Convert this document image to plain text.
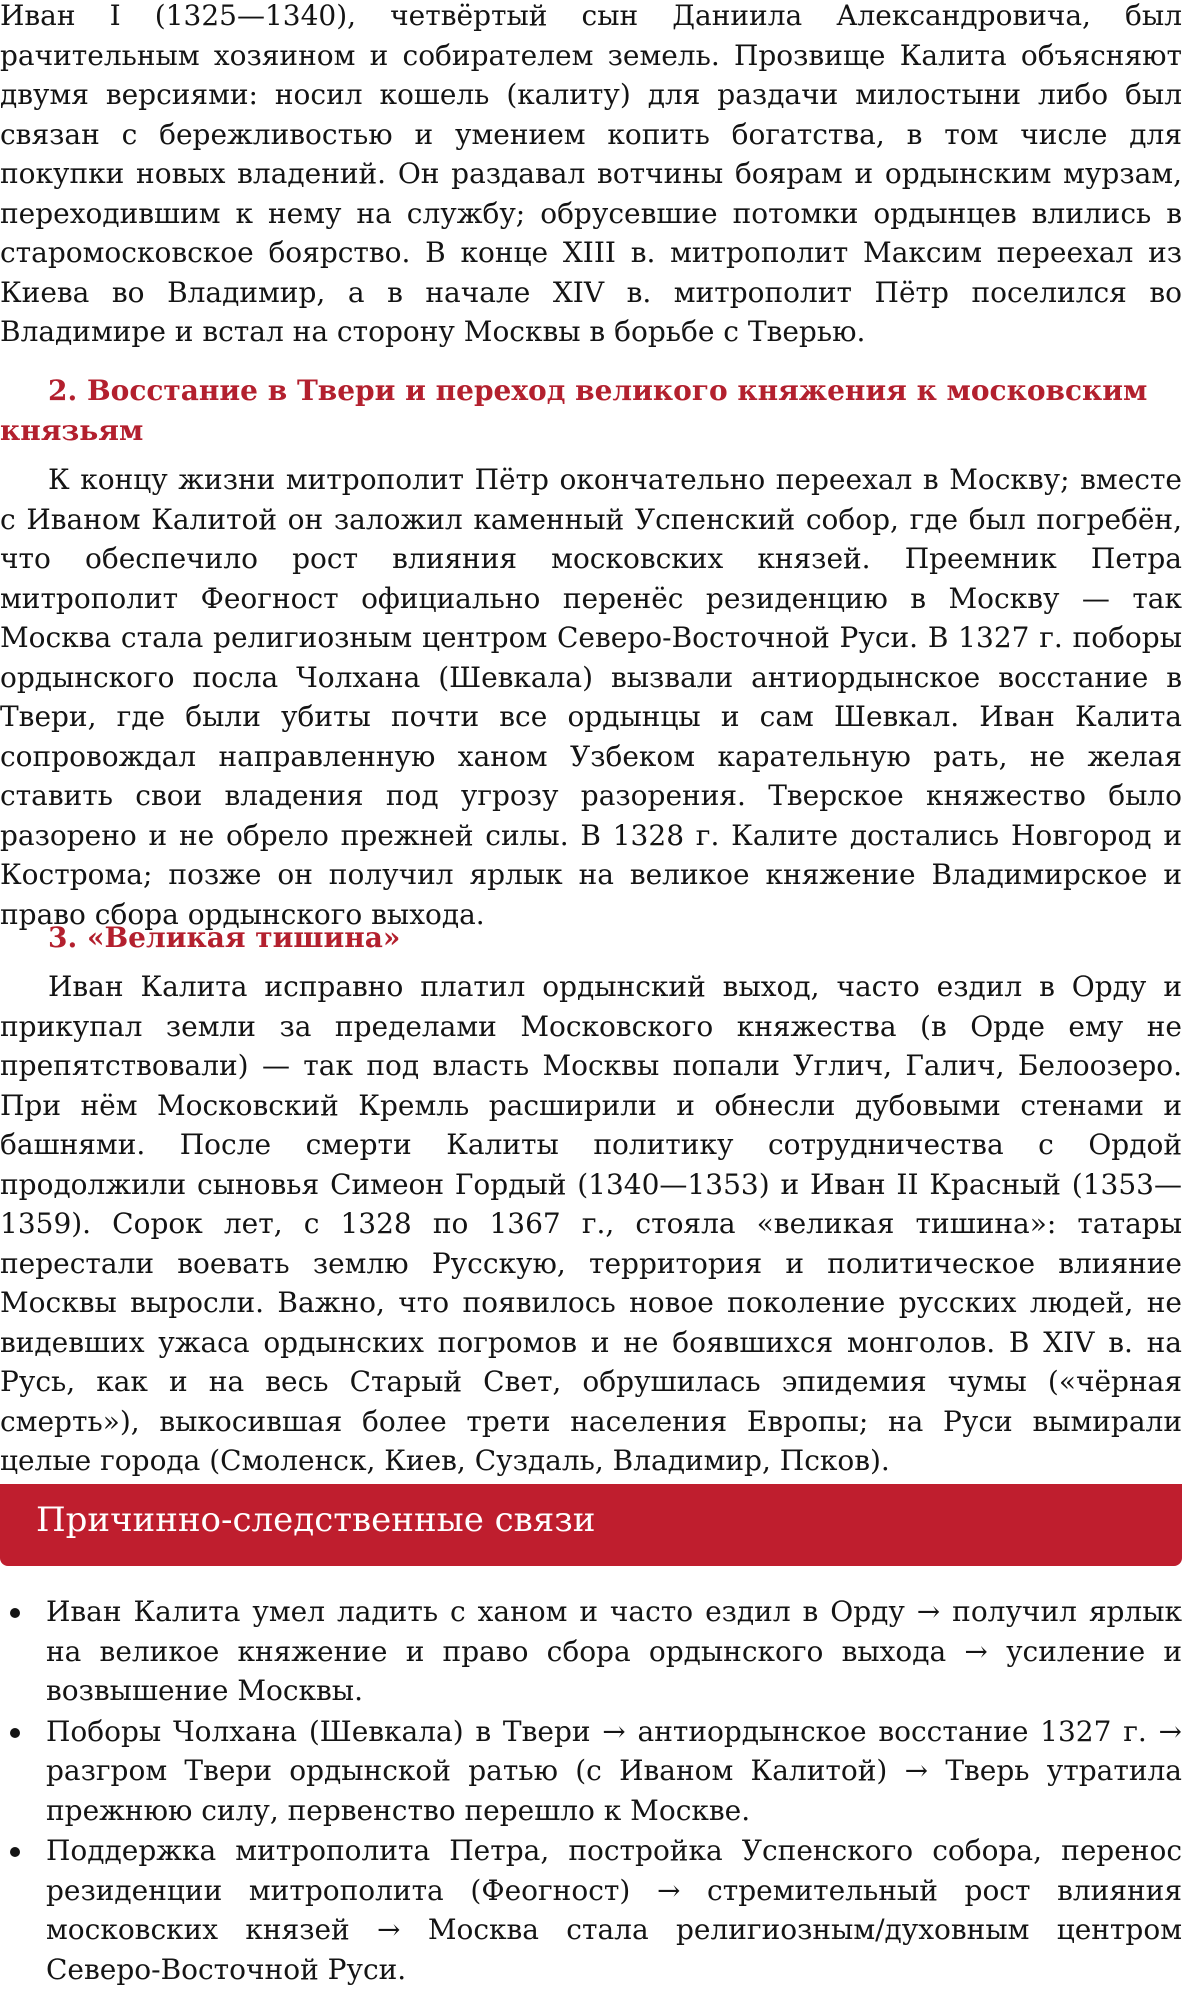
Иван I (1325—1340), четвёртый сын Даниила Александровича, был рачительным хозяином и собирателем земель. Прозвище Калита объясняют двумя версиями: носил кошель (калиту) для раздачи милостыни либо был связан с бережливостью и умением копить богатства, в том числе для покупки новых владений. Он раздавал вотчины боярам и ордынским мурзам, переходившим к нему на службу; обрусевшие потомки ордынцев влились в старомосковское боярство. В конце XIII в. митрополит Максим переехал из Киева во Владимир, а в начале XIV в. митрополит Пётр поселился во Владимире и встал на сторону Москвы в борьбе с Тверью.

2. Восстание в Твери и переход великого княжения к московским князьям

К концу жизни митрополит Пётр окончательно переехал в Москву; вместе с Иваном Калитой он заложил каменный Успенский собор, где был погребён, что обеспечило рост влияния московских князей. Преемник Петра митрополит Феогност официально перенёс резиденцию в Москву — так Москва стала религиозным центром Северо-Восточной Руси. В 1327 г. поборы ордынского посла Чолхана (Шевкала) вызвали антиордынское восстание в Твери, где были убиты почти все ордынцы и сам Шевкал. Иван Калита сопровождал направленную ханом Узбеком карательную рать, не желая ставить свои владения под угрозу разорения. Тверское княжество было разорено и не обрело прежней силы. В 1328 г. Калите достались Новгород и Кострома; позже он получил ярлык на великое княжение Владимирское и право сбора ордынского выхода.

3. «Великая тишина»

Иван Калита исправно платил ордынский выход, часто ездил в Орду и прикупал земли за пределами Московского княжества (в Орде ему не препятствовали) — так под власть Москвы попали Углич, Галич, Белоозеро. При нём Московский Кремль расширили и обнесли дубовыми стенами и башнями. После смерти Калиты политику сотрудничества с Ордой продолжили сыновья Симеон Гордый (1340—1353) и Иван II Красный (1353—1359). Сорок лет, с 1328 по 1367 г., стояла «великая тишина»: татары перестали воевать землю Русскую, территория и политическое влияние Москвы выросли. Важно, что появилось новое поколение русских людей, не видевших ужаса ордынских погромов и не боявшихся монголов. В XIV в. на Русь, как и на весь Старый Свет, обрушилась эпидемия чумы («чёрная смерть»), выкосившая более трети населения Европы; на Руси вымирали целые города (Смоленск, Киев, Суздаль, Владимир, Псков).

Причинно-следственные связи
Иван Калита умел ладить с ханом и часто ездил в Орду → получил ярлык на великое княжение и право сбора ордынского выхода → усиление и возвышение Москвы.
Поборы Чолхана (Шевкала) в Твери → антиордынское восстание 1327 г. → разгром Твери ордынской ратью (с Иваном Калитой) → Тверь утратила прежнюю силу, первенство перешло к Москве.
Поддержка митрополита Петра, постройка Успенского собора, перенос резиденции митрополита (Феогност) → стремительный рост влияния московских князей → Москва стала религиозным/духовным центром Северо-Восточной Руси.
